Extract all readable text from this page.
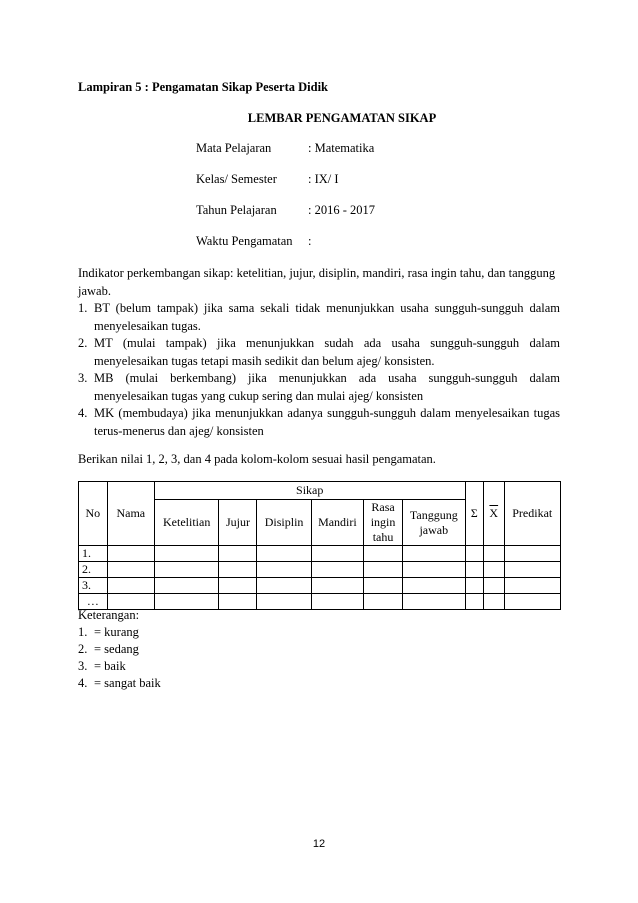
Lampiran 5 : Pengamatan Sikap Peserta Didik
LEMBAR PENGAMATAN SIKAP
Mata Pelajaran	: Matematika
Kelas/ Semester	: IX/ I
Tahun Pelajaran	: 2016 - 2017
Waktu Pengamatan	:
Indikator perkembangan sikap: ketelitian, jujur, disiplin, mandiri, rasa ingin tahu, dan tanggung jawab.
1. BT (belum tampak) jika sama sekali tidak menunjukkan usaha sungguh-sungguh dalam menyelesaikan tugas.
2. MT (mulai tampak) jika menunjukkan sudah ada usaha sungguh-sungguh dalam menyelesaikan tugas tetapi masih sedikit dan belum ajeg/ konsisten.
3. MB (mulai berkembang) jika menunjukkan ada usaha sungguh-sungguh dalam menyelesaikan tugas yang cukup sering dan mulai ajeg/ konsisten
4. MK (membudaya) jika menunjukkan adanya sungguh-sungguh dalam menyelesaikan tugas terus-menerus dan ajeg/ konsisten
Berikan nilai 1, 2, 3, dan 4 pada kolom-kolom sesuai hasil pengamatan.
No	Nama	Sikap						Σ	$\overline{X}$	Predikat
		Ketelitian	Jujur	Disiplin	Mandiri	Rasa ingin tahu	Tanggung jawab			
1.										
2.										
3.										
…										
Keterangan:
1. = kurang
2. = sedang
3. = baik
4. = sangat baik
12
